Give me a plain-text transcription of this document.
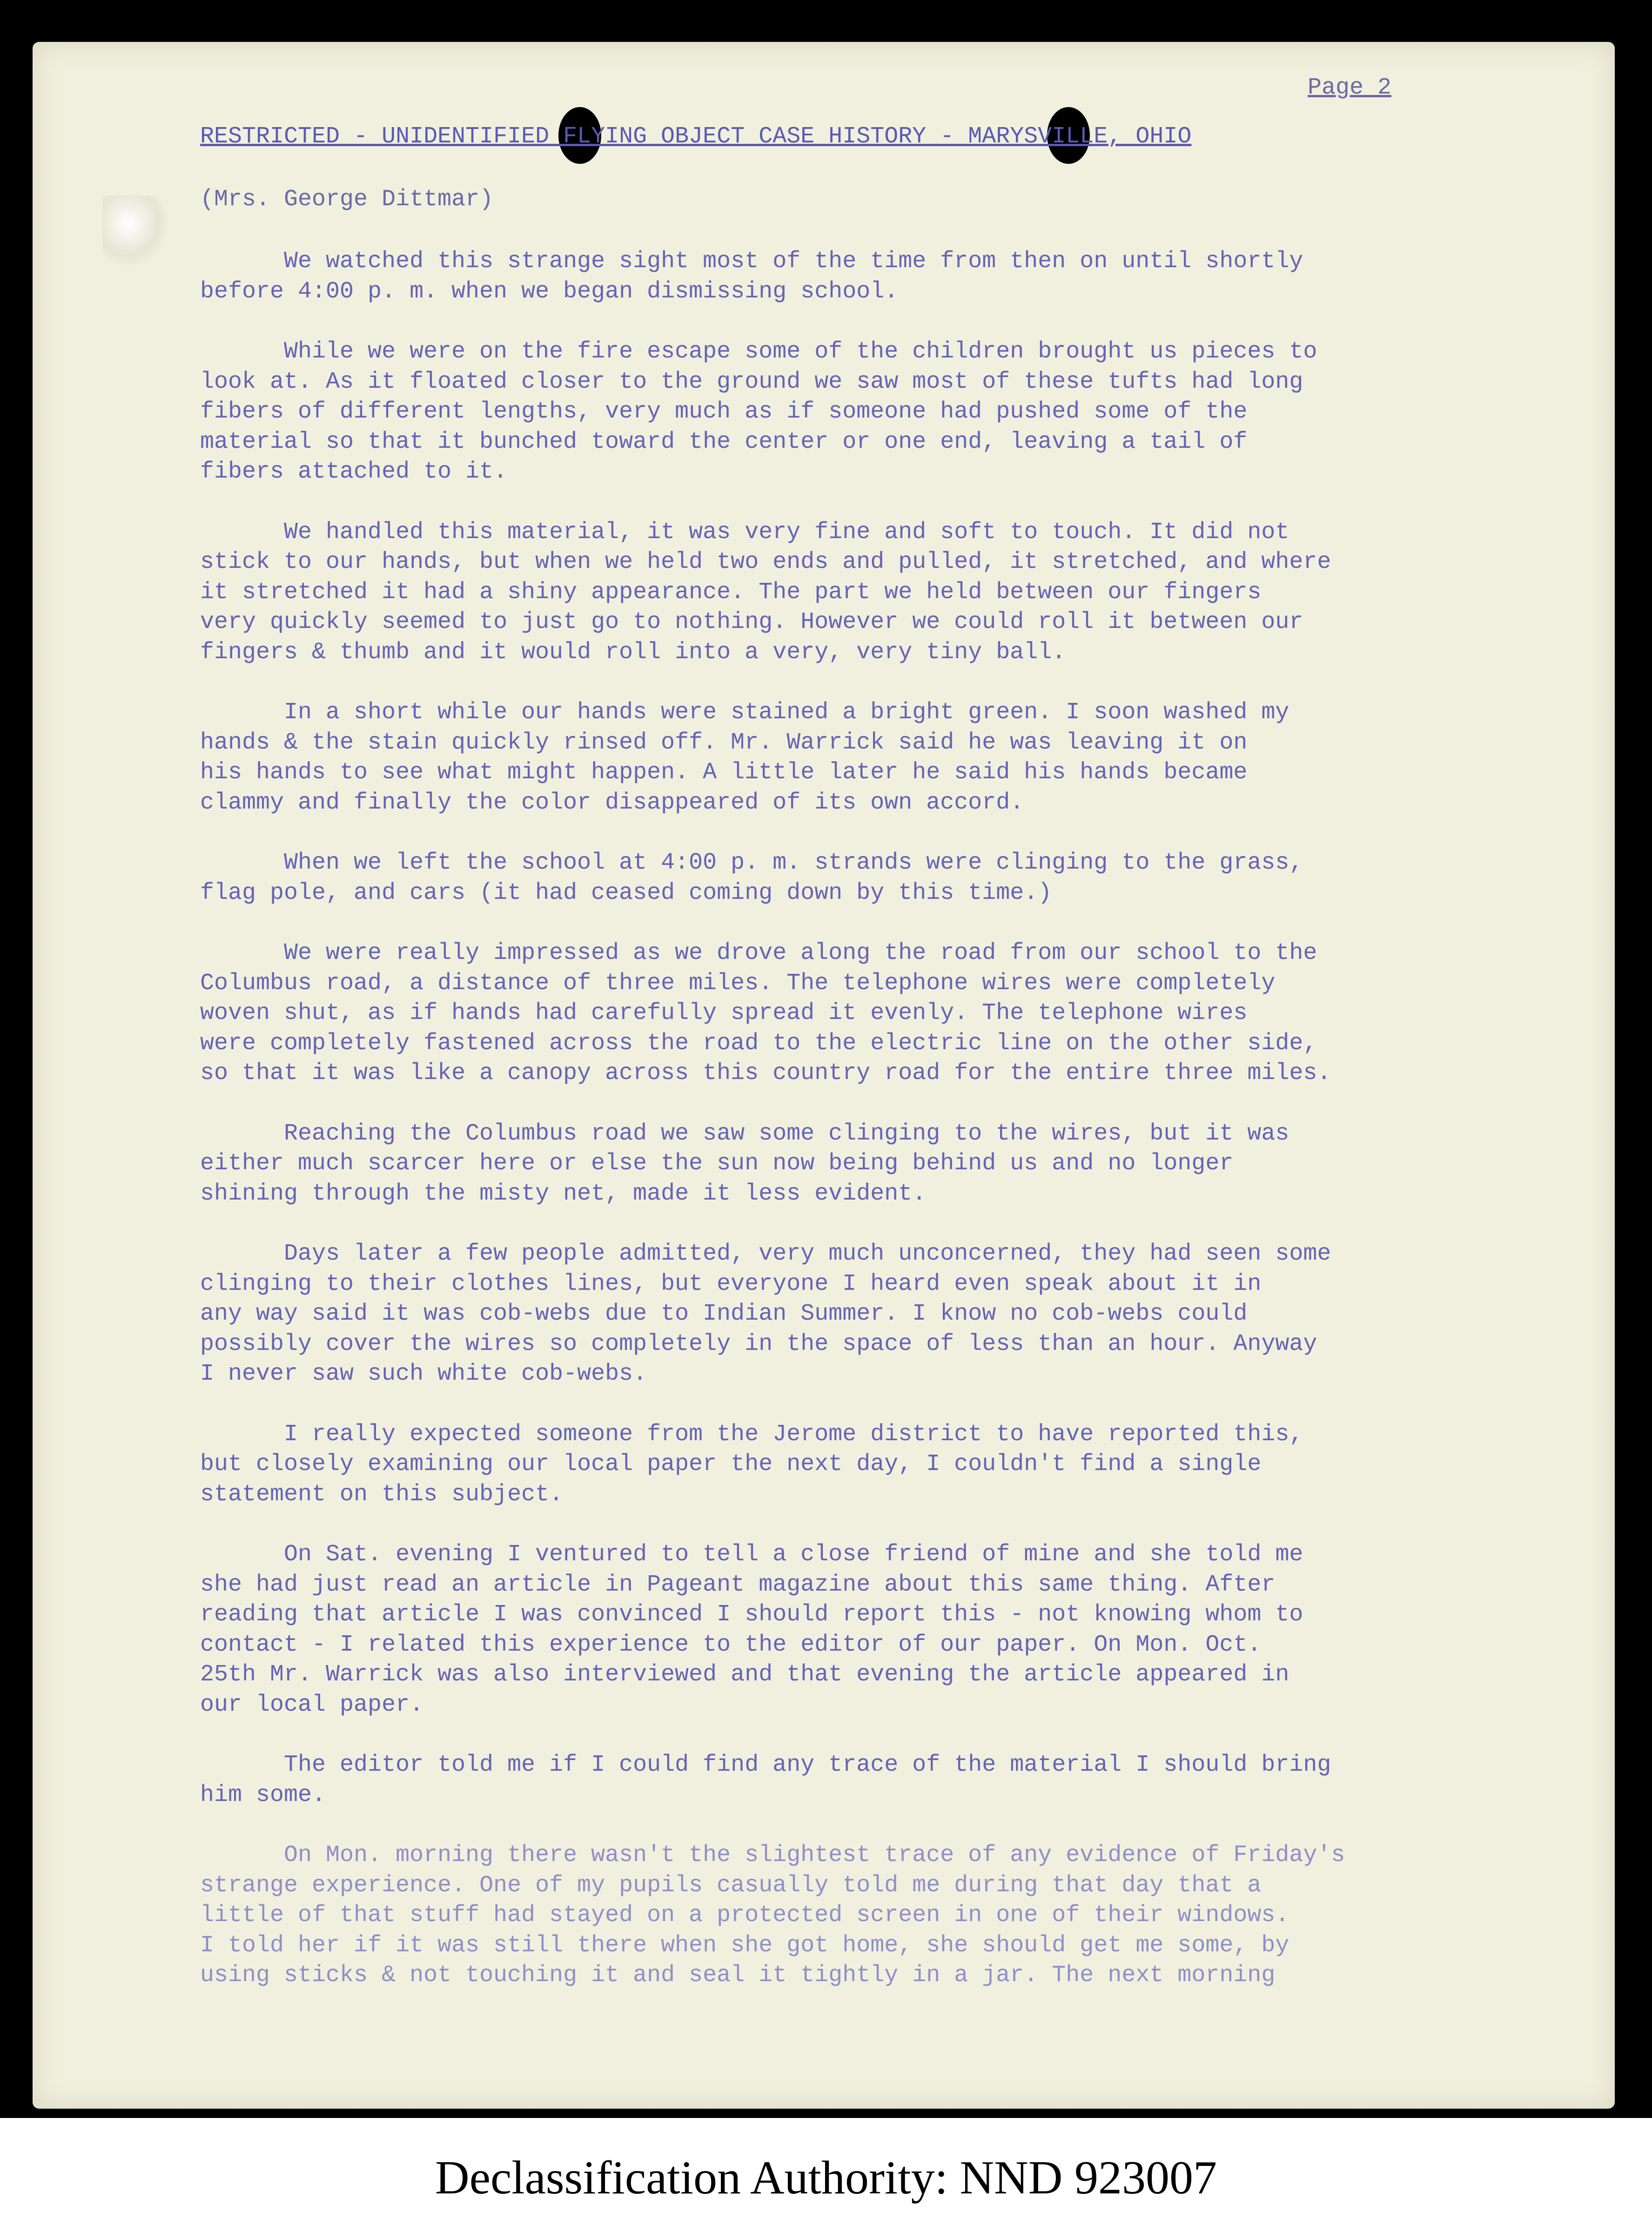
Page 2
RESTRICTED - UNIDENTIFIED FLYING OBJECT CASE HISTORY - MARYSVILLE, OHIO
(Mrs. George Dittmar)

We watched this strange sight most of the time from then on until shortly
before 4:00 p. m. when we began dismissing school.

While we were on the fire escape some of the children brought us pieces to
look at. As it floated closer to the ground we saw most of these tufts had long
fibers of different lengths, very much as if someone had pushed some of the
material so that it bunched toward the center or one end, leaving a tail of
fibers attached to it.

We handled this material, it was very fine and soft to touch. It did not
stick to our hands, but when we held two ends and pulled, it stretched, and where
it stretched it had a shiny appearance. The part we held between our fingers
very quickly seemed to just go to nothing. However we could roll it between our
fingers & thumb and it would roll into a very, very tiny ball.

In a short while our hands were stained a bright green. I soon washed my
hands & the stain quickly rinsed off. Mr. Warrick said he was leaving it on
his hands to see what might happen. A little later he said his hands became
clammy and finally the color disappeared of its own accord.

When we left the school at 4:00 p. m. strands were clinging to the grass,
flag pole, and cars (it had ceased coming down by this time.)

We were really impressed as we drove along the road from our school to the
Columbus road, a distance of three miles. The telephone wires were completely
woven shut, as if hands had carefully spread it evenly. The telephone wires
were completely fastened across the road to the electric line on the other side,
so that it was like a canopy across this country road for the entire three miles.

Reaching the Columbus road we saw some clinging to the wires, but it was
either much scarcer here or else the sun now being behind us and no longer
shining through the misty net, made it less evident.

Days later a few people admitted, very much unconcerned, they had seen some
clinging to their clothes lines, but everyone I heard even speak about it in
any way said it was cob-webs due to Indian Summer. I know no cob-webs could
possibly cover the wires so completely in the space of less than an hour. Anyway
I never saw such white cob-webs.

I really expected someone from the Jerome district to have reported this,
but closely examining our local paper the next day, I couldn't find a single
statement on this subject.

On Sat. evening I ventured to tell a close friend of mine and she told me
she had just read an article in Pageant magazine about this same thing. After
reading that article I was convinced I should report this - not knowing whom to
contact - I related this experience to the editor of our paper. On Mon. Oct.
25th Mr. Warrick was also interviewed and that evening the article appeared in
our local paper.

The editor told me if I could find any trace of the material I should bring
him some.

On Mon. morning there wasn't the slightest trace of any evidence of Friday's
strange experience. One of my pupils casually told me during that day that a
little of that stuff had stayed on a protected screen in one of their windows.
I told her if it was still there when she got home, she should get me some, by
using sticks & not touching it and seal it tightly in a jar. The next morning

Declassification Authority: NND 923007
